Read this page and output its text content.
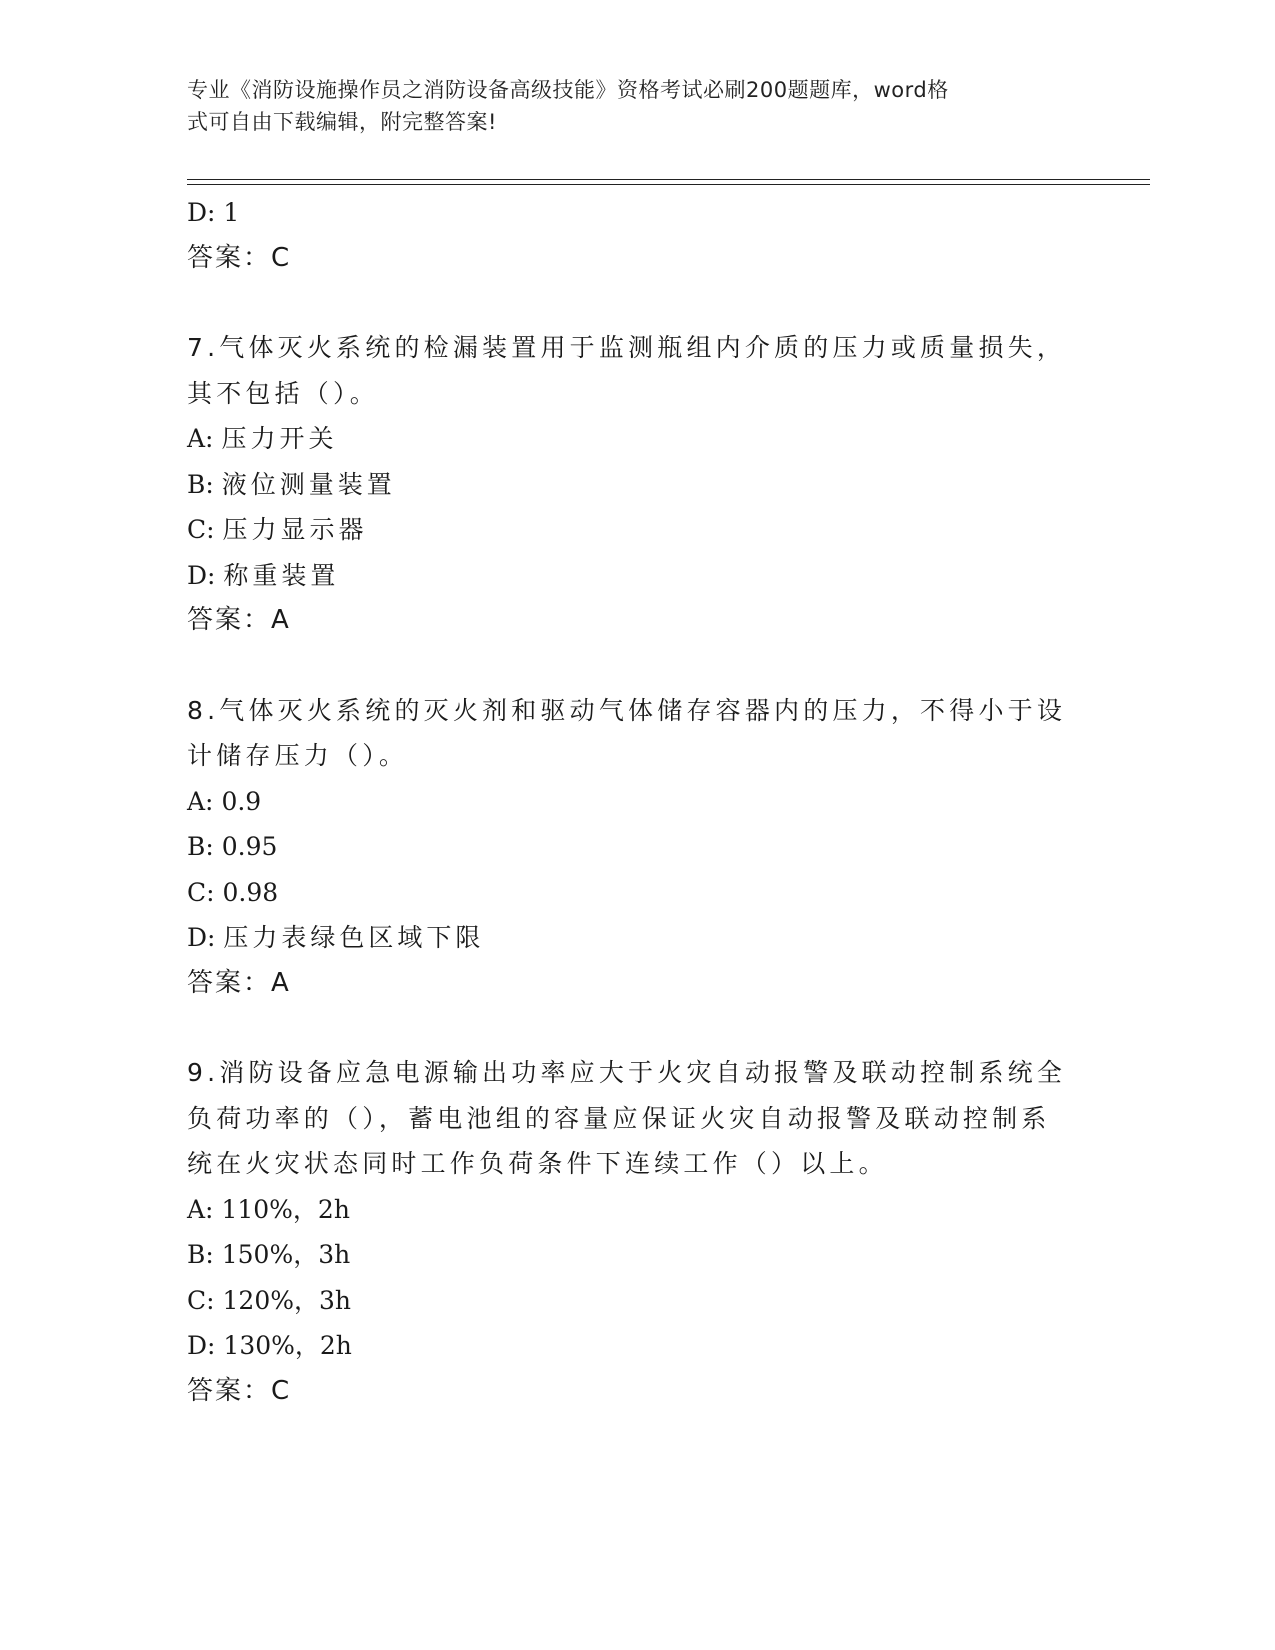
专业《消防设施操作员之消防设备高级技能》资格考试必刷200题题库，word格
式可自由下载编辑，附完整答案!
D: 1
答案：C
7.气体灭火系统的检漏装置用于监测瓶组内介质的压力或质量损失，
其不包括（）。
A: 压力开关
B: 液位测量装置
C: 压力显示器
D: 称重装置
答案：A
8.气体灭火系统的灭火剂和驱动气体储存容器内的压力，不得小于设
计储存压力（）。
A: 0.9
B: 0.95
C: 0.98
D: 压力表绿色区域下限
答案：A
9.消防设备应急电源输出功率应大于火灾自动报警及联动控制系统全
负荷功率的（），蓄电池组的容量应保证火灾自动报警及联动控制系
统在火灾状态同时工作负荷条件下连续工作（）以上。
A: 110%，2h
B: 150%，3h
C: 120%，3h
D: 130%，2h
答案：C
